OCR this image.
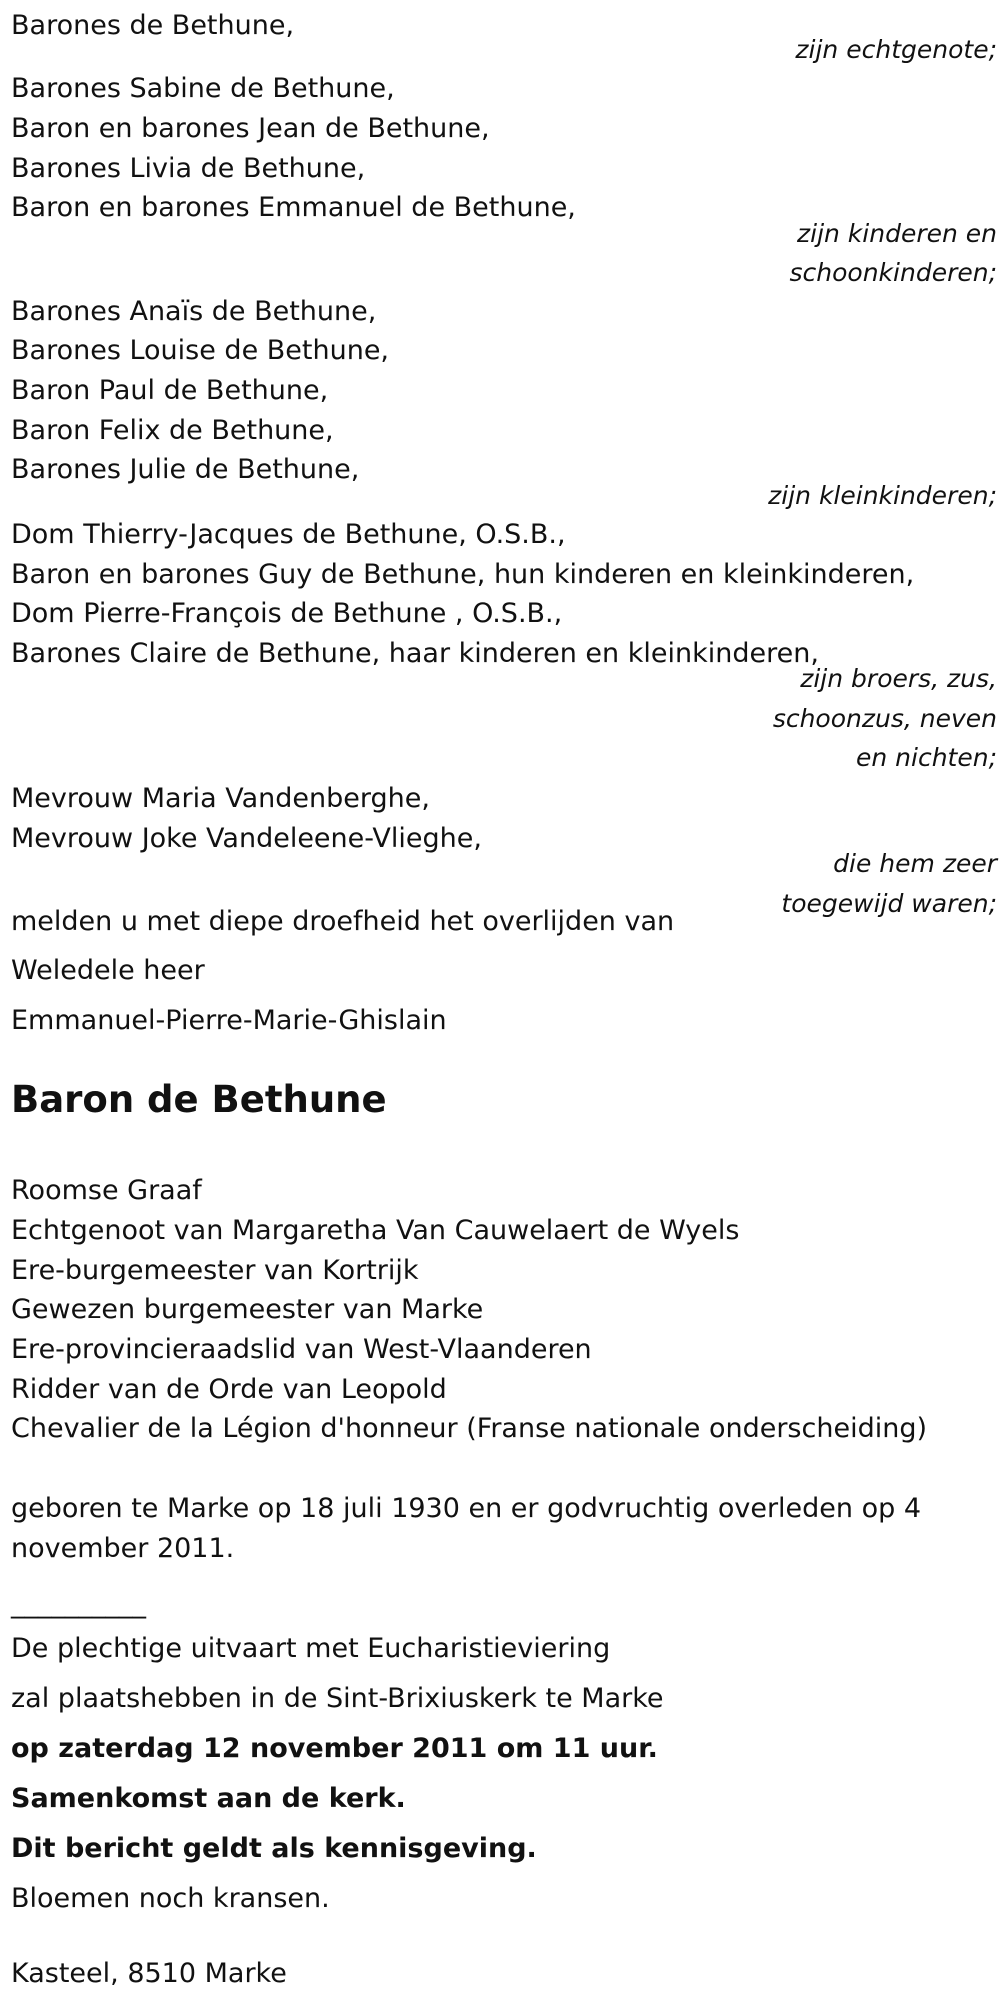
Barones de Bethune,
zijn echtgenote;
Barones Sabine de Bethune,
Baron en barones Jean de Bethune,
Barones Livia de Bethune,
Baron en barones Emmanuel de Bethune,
zijn kinderen en
schoonkinderen;
Barones Anaïs de Bethune,
Barones Louise de Bethune,
Baron Paul de Bethune,
Baron Felix de Bethune,
Barones Julie de Bethune,
zijn kleinkinderen;
Dom Thierry-Jacques de Bethune, O.S.B.,
Baron en barones Guy de Bethune, hun kinderen en kleinkinderen,
Dom Pierre-François de Bethune , O.S.B.,
Barones Claire de Bethune, haar kinderen en kleinkinderen,
zijn broers, zus,
schoonzus, neven
en nichten;
Mevrouw Maria Vandenberghe,
Mevrouw Joke Vandeleene-Vlieghe,
die hem zeer
toegewijd waren;
melden u met diepe droefheid het overlijden van
Weledele heer
Emmanuel-Pierre-Marie-Ghislain
Baron de Bethune
Roomse Graaf
Echtgenoot van Margaretha Van Cauwelaert de Wyels
Ere-burgemeester van Kortrijk
Gewezen burgemeester van Marke
Ere-provincieraadslid van West-Vlaanderen
Ridder van de Orde van Leopold
Chevalier de la Légion d'honneur (Franse nationale onderscheiding)
geboren te Marke op 18 juli 1930 en er godvruchtig overleden op 4
november 2011.
__________
De plechtige uitvaart met Eucharistieviering
zal plaatshebben in de Sint-Brixiuskerk te Marke
op zaterdag 12 november 2011 om 11 uur.
Samenkomst aan de kerk.
Dit bericht geldt als kennisgeving.
Bloemen noch kransen.
Kasteel, 8510 Marke
